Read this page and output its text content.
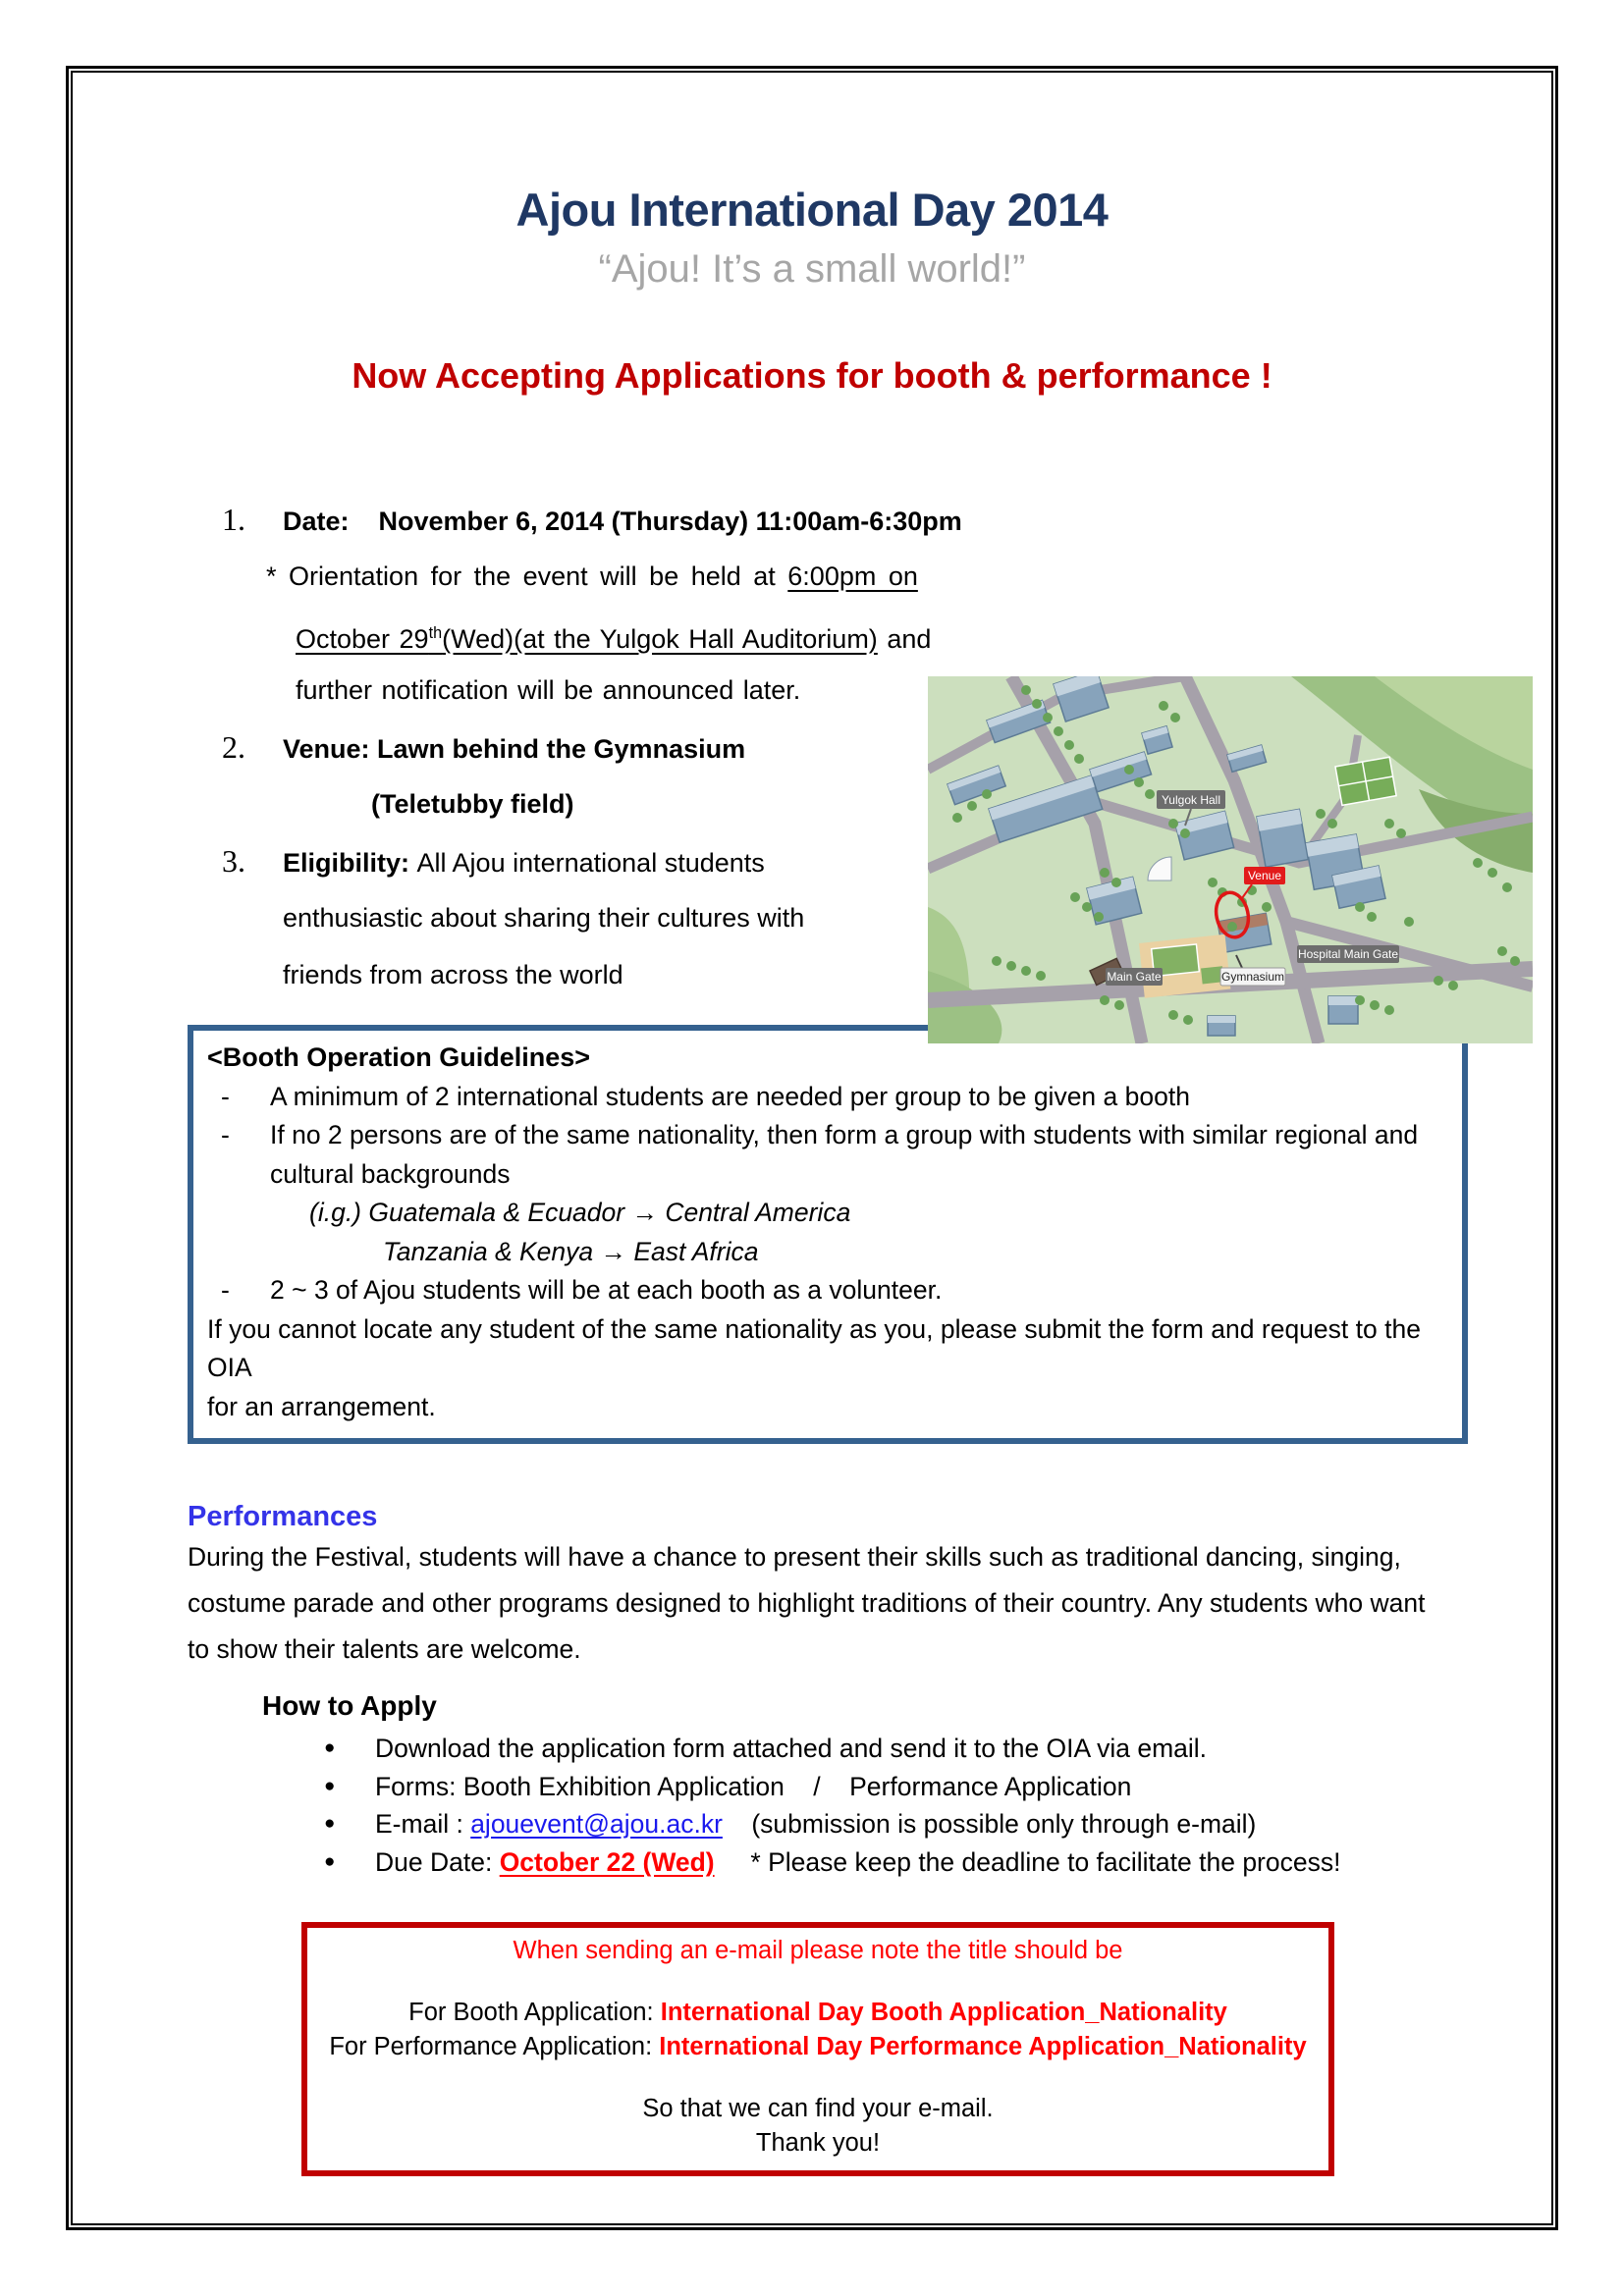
Ajou International Day 2014
“Ajou! It’s a small world!”
Now Accepting Applications for booth & performance !
1. Date: November 6, 2014 (Thursday) 11:00am-6:30pm
* Orientation for the event will be held at 6:00pm on
October 29th(Wed)(at the Yulgok Hall Auditorium) and
further notification will be announced later.
2. Venue: Lawn behind the Gymnasium
(Teletubby field)
3. Eligibility: All Ajou international students
enthusiastic about sharing their cultures with
friends from across the world
Yulgok Hall
Venue
Main Gate	Gymnasium
Hospital Main Gate
<Booth Operation Guidelines>
-	A minimum of 2 international students are needed per group to be given a booth
-	If no 2 persons are of the same nationality, then form a group with students with similar regional and
cultural backgrounds
(i.g.) Guatemala & Ecuador → Central America
Tanzania & Kenya → East Africa
-	2 ~ 3 of Ajou students will be at each booth as a volunteer.
If you cannot locate any student of the same nationality as you, please submit the form and request to the OIA
for an arrangement.
Performances
During the Festival, students will have a chance to present their skills such as traditional dancing, singing,
costume parade and other programs designed to highlight traditions of their country. Any students who want
to show their talents are welcome.
How to Apply
●	Download the application form attached and send it to the OIA via email.
●	Forms: Booth Exhibition Application    /    Performance Application
●	E-mail : ajouevent@ajou.ac.kr    (submission is possible only through e-mail)
●	Due Date: October 22 (Wed)     * Please keep the deadline to facilitate the process!
When sending an e-mail please note the title should be
For Booth Application: International Day Booth Application_Nationality
For Performance Application: International Day Performance Application_Nationality
So that we can find your e-mail.
Thank you!
